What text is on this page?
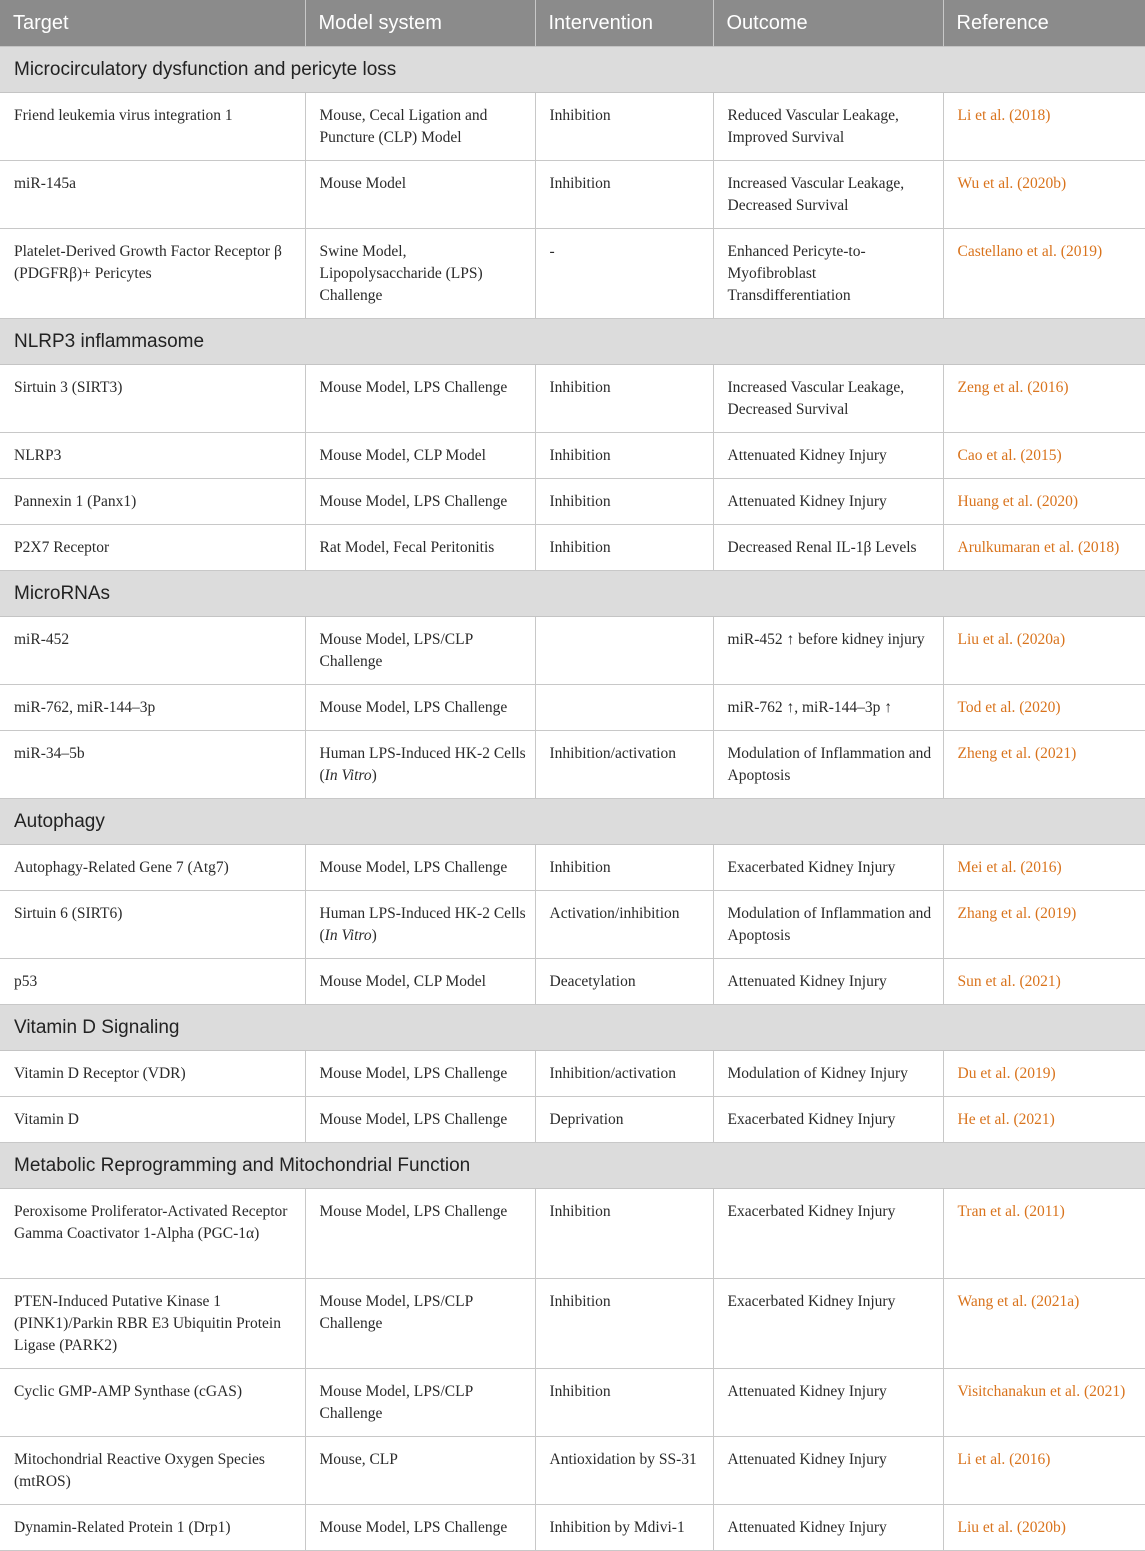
Target	Model system	Intervention	Outcome	Reference
Microcirculatory dysfunction and pericyte loss				
Friend leukemia virus integration 1	Mouse, Cecal Ligation and Puncture (CLP) Model	Inhibition	Reduced Vascular Leakage, Improved Survival	Li et al. (2018)
miR-145a	Mouse Model	Inhibition	Increased Vascular Leakage, Decreased Survival	Wu et al. (2020b)
Platelet-Derived Growth Factor Receptor β (PDGFRβ)+ Pericytes	Swine Model, Lipopolysaccharide (LPS) Challenge	-	Enhanced Pericyte-to-Myofibroblast Transdifferentiation	Castellano et al. (2019)
NLRP3 inflammasome				
Sirtuin 3 (SIRT3)	Mouse Model, LPS Challenge	Inhibition	Increased Vascular Leakage, Decreased Survival	Zeng et al. (2016)
NLRP3	Mouse Model, CLP Model	Inhibition	Attenuated Kidney Injury	Cao et al. (2015)
Pannexin 1 (Panx1)	Mouse Model, LPS Challenge	Inhibition	Attenuated Kidney Injury	Huang et al. (2020)
P2X7 Receptor	Rat Model, Fecal Peritonitis	Inhibition	Decreased Renal IL-1β Levels	Arulkumaran et al. (2018)
MicroRNAs				
miR-452	Mouse Model, LPS/CLP Challenge		miR-452 ↑ before kidney injury	Liu et al. (2020a)
miR-762, miR-144–3p	Mouse Model, LPS Challenge		miR-762 ↑, miR-144–3p ↑	Tod et al. (2020)
miR-34–5b	Human LPS-Induced HK-2 Cells (In Vitro)	Inhibition/activation	Modulation of Inflammation and Apoptosis	Zheng et al. (2021)
Autophagy				
Autophagy-Related Gene 7 (Atg7)	Mouse Model, LPS Challenge	Inhibition	Exacerbated Kidney Injury	Mei et al. (2016)
Sirtuin 6 (SIRT6)	Human LPS-Induced HK-2 Cells (In Vitro)	Activation/inhibition	Modulation of Inflammation and Apoptosis	Zhang et al. (2019)
p53	Mouse Model, CLP Model	Deacetylation	Attenuated Kidney Injury	Sun et al. (2021)
Vitamin D Signaling				
Vitamin D Receptor (VDR)	Mouse Model, LPS Challenge	Inhibition/activation	Modulation of Kidney Injury	Du et al. (2019)
Vitamin D	Mouse Model, LPS Challenge	Deprivation	Exacerbated Kidney Injury	He et al. (2021)
Metabolic Reprogramming and Mitochondrial Function				
Peroxisome Proliferator-Activated Receptor Gamma Coactivator 1-Alpha (PGC-1α)	Mouse Model, LPS Challenge	Inhibition	Exacerbated Kidney Injury	Tran et al. (2011)
PTEN-Induced Putative Kinase 1 (PINK1)/Parkin RBR E3 Ubiquitin Protein Ligase (PARK2)	Mouse Model, LPS/CLP Challenge	Inhibition	Exacerbated Kidney Injury	Wang et al. (2021a)
Cyclic GMP-AMP Synthase (cGAS)	Mouse Model, LPS/CLP Challenge	Inhibition	Attenuated Kidney Injury	Visitchanakun et al. (2021)
Mitochondrial Reactive Oxygen Species (mtROS)	Mouse, CLP	Antioxidation by SS-31	Attenuated Kidney Injury	Li et al. (2016)
Dynamin-Related Protein 1 (Drp1)	Mouse Model, LPS Challenge	Inhibition by Mdivi-1	Attenuated Kidney Injury	Liu et al. (2020b)
